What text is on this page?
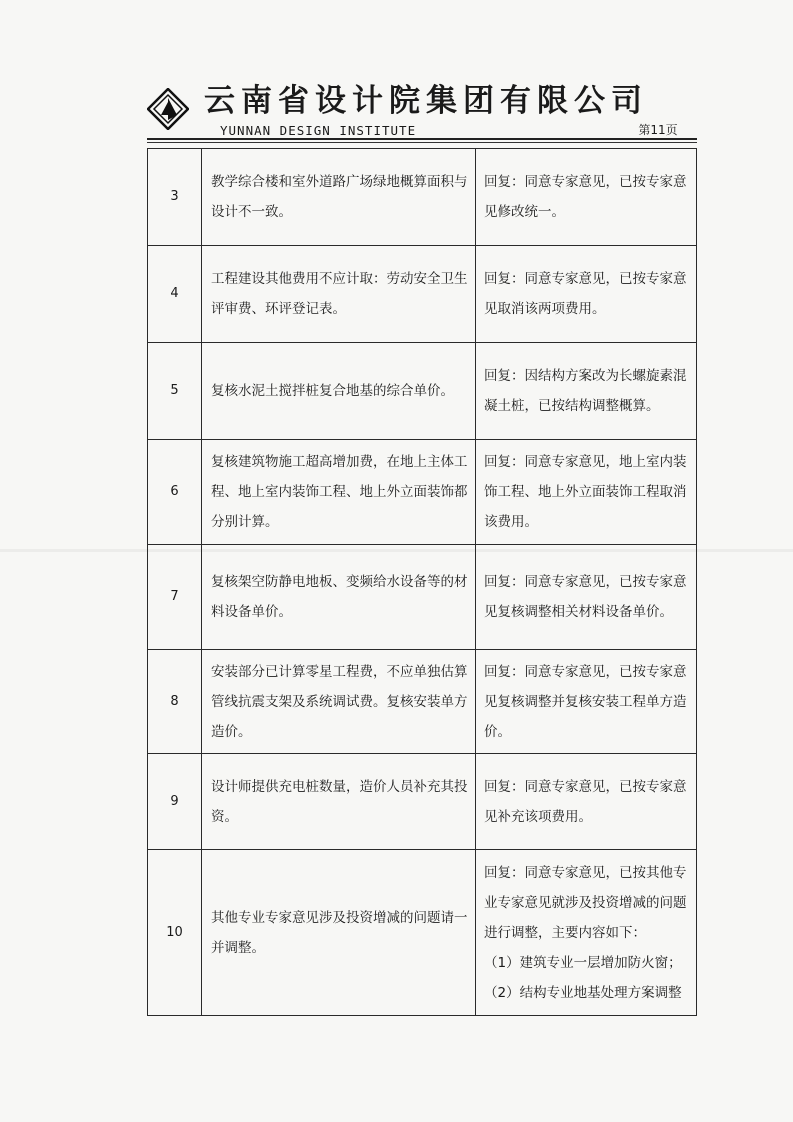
云南省设计院集团有限公司
YUNNAN DESIGN INSTITUTE	第11页
3	教学综合楼和室外道路广场绿地概算面积与设计不一致。	回复：同意专家意见，已按专家意见修改统一。
4	工程建设其他费用不应计取：劳动安全卫生评审费、环评登记表。	回复：同意专家意见，已按专家意见取消该两项费用。
5	复核水泥土搅拌桩复合地基的综合单价。	回复：因结构方案改为长螺旋素混凝土桩，已按结构调整概算。
6	复核建筑物施工超高增加费，在地上主体工程、地上室内装饰工程、地上外立面装饰都分别计算。	回复：同意专家意见，地上室内装饰工程、地上外立面装饰工程取消该费用。
7	复核架空防静电地板、变频给水设备等的材料设备单价。	回复：同意专家意见，已按专家意见复核调整相关材料设备单价。
8	安装部分已计算零星工程费，不应单独估算管线抗震支架及系统调试费。复核安装单方造价。	回复：同意专家意见，已按专家意见复核调整并复核安装工程单方造价。
9	设计师提供充电桩数量，造价人员补充其投资。	回复：同意专家意见，已按专家意见补充该项费用。
10	其他专业专家意见涉及投资增减的问题请一并调整。	回复：同意专家意见，已按其他专业专家意见就涉及投资增减的问题进行调整，主要内容如下：
（1）建筑专业一层增加防火窗；
（2）结构专业地基处理方案调整
